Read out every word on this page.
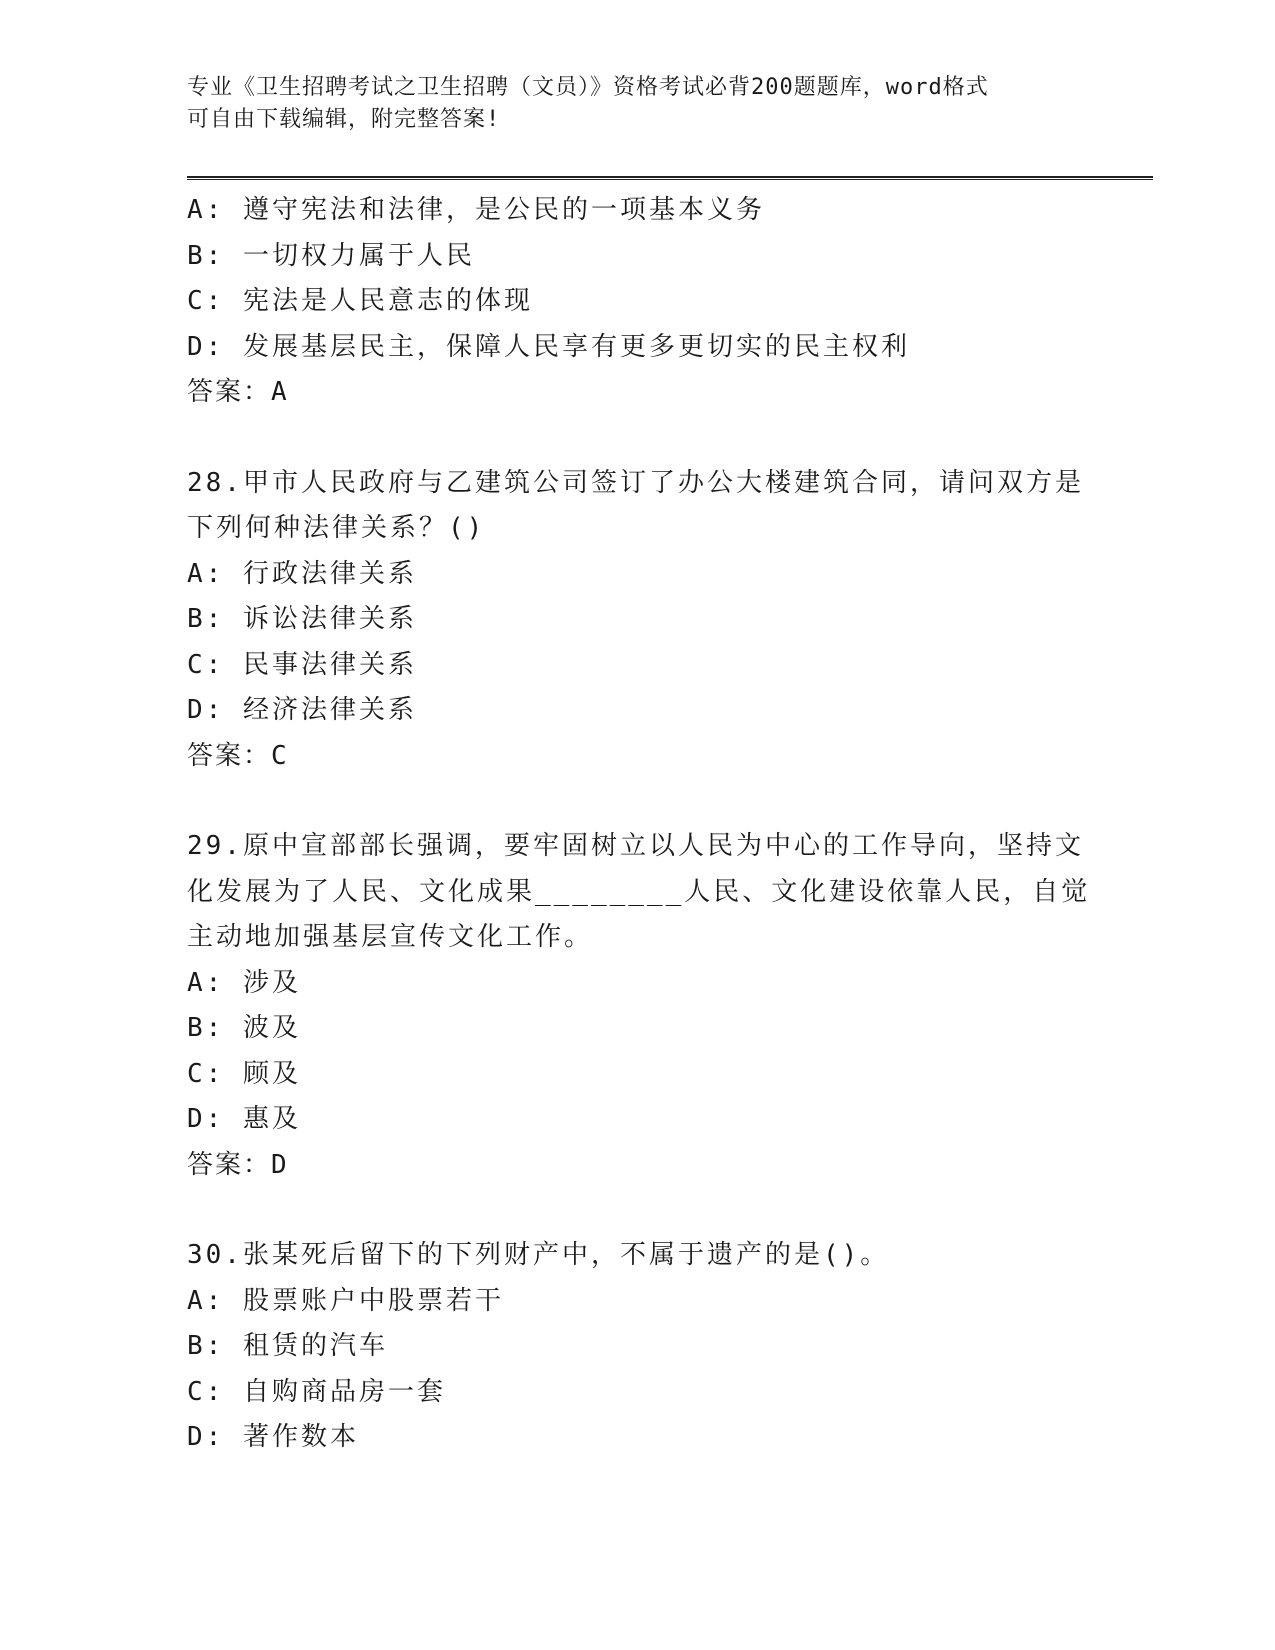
专业《卫生招聘考试之卫生招聘（文员）》资格考试必背200题题库，word格式
可自由下载编辑，附完整答案!
A: 遵守宪法和法律，是公民的一项基本义务
B: 一切权力属于人民
C: 宪法是人民意志的体现
D: 发展基层民主，保障人民享有更多更切实的民主权利
答案：A
28.甲市人民政府与乙建筑公司签订了办公大楼建筑合同，请问双方是
下列何种法律关系？()
A: 行政法律关系
B: 诉讼法律关系
C: 民事法律关系
D: 经济法律关系
答案：C
29.原中宣部部长强调，要牢固树立以人民为中心的工作导向，坚持文
化发展为了人民、文化成果________人民、文化建设依靠人民，自觉
主动地加强基层宣传文化工作。
A: 涉及
B: 波及
C: 顾及
D: 惠及
答案：D
30.张某死后留下的下列财产中，不属于遗产的是()。
A: 股票账户中股票若干
B: 租赁的汽车
C: 自购商品房一套
D: 著作数本
